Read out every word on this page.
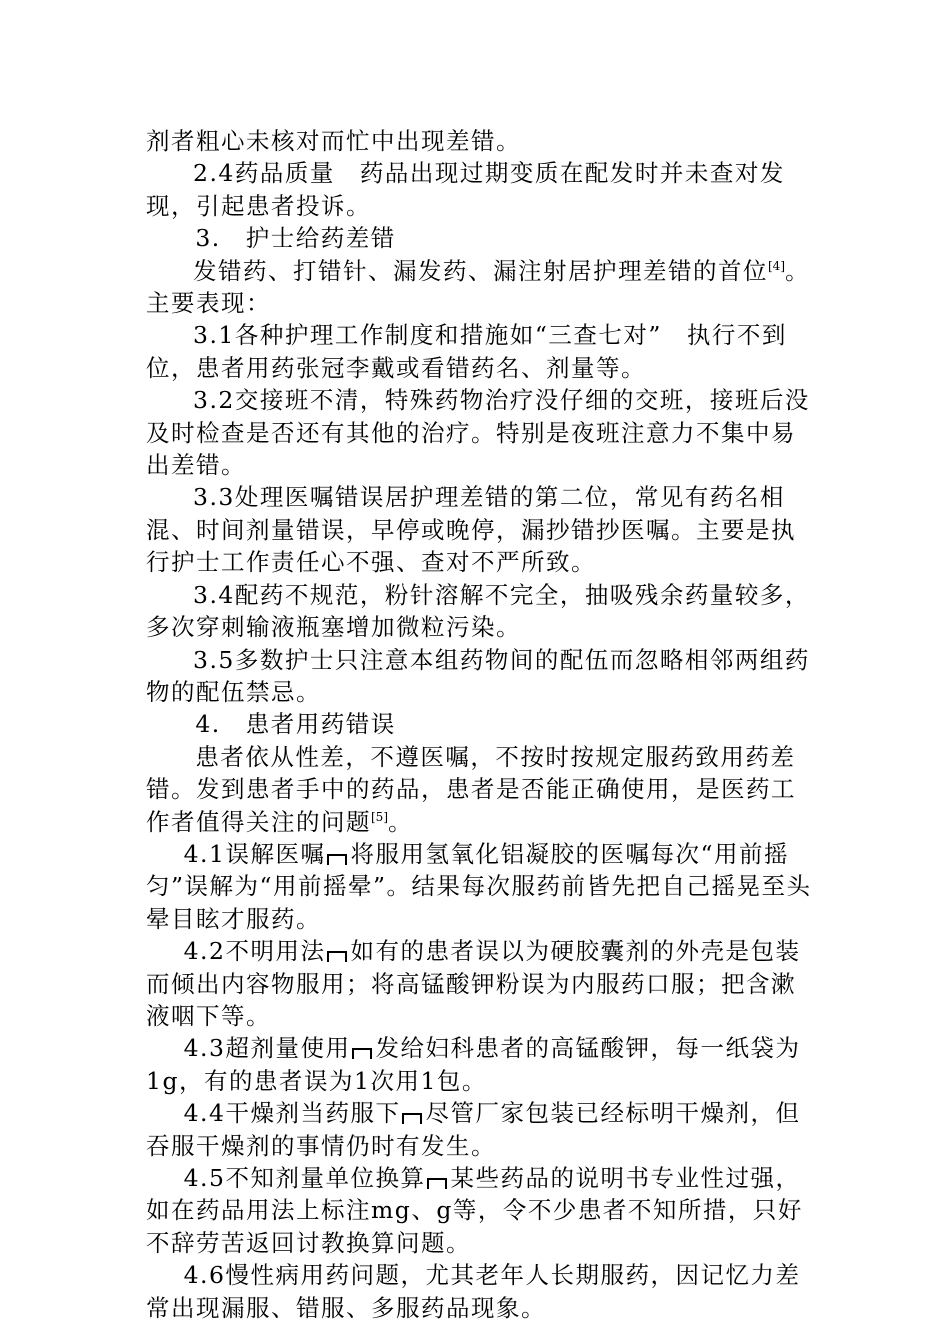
剂者粗心未核对而忙中出现差错。

2.4药品质量　药品出现过期变质在配发时并未查对发现，引起患者投诉。

3.　护士给药差错

发错药、打错针、漏发药、漏注射居护理差错的首位[4]。主要表现：

3.1各种护理工作制度和措施如“三查七对”　执行不到位，患者用药张冠李戴或看错药名、剂量等。

3.2交接班不清，特殊药物治疗没仔细的交班，接班后没及时检查是否还有其他的治疗。特别是夜班注意力不集中易出差错。

3.3处理医嘱错误居护理差错的第二位，常见有药名相混、时间剂量错误，早停或晚停，漏抄错抄医嘱。主要是执行护士工作责任心不强、查对不严所致。

3.4配药不规范，粉针溶解不完全，抽吸残余药量较多，多次穿刺输液瓶塞增加微粒污染。

3.5多数护士只注意本组药物间的配伍而忽略相邻两组药物的配伍禁忌。

4.　患者用药错误

患者依从性差，不遵医嘱，不按时按规定服药致用药差错。发到患者手中的药品，患者是否能正确使用，是医药工作者值得关注的问题[5]。

4.1误解医嘱 将服用氢氧化铝凝胶的医嘱每次“用前摇匀”误解为“用前摇晕”。结果每次服药前皆先把自己摇晃至头晕目眩才服药。

4.2不明用法 如有的患者误以为硬胶囊剂的外壳是包装而倾出内容物服用；将高锰酸钾粉误为内服药口服；把含漱液咽下等。

4.3超剂量使用 发给妇科患者的高锰酸钾，每一纸袋为1g，有的患者误为1次用1包。

4.4干燥剂当药服下 尽管厂家包装已经标明干燥剂，但吞服干燥剂的事情仍时有发生。

4.5不知剂量单位换算 某些药品的说明书专业性过强，如在药品用法上标注mg、g等，令不少患者不知所措，只好不辞劳苦返回讨教换算问题。

4.6慢性病用药问题，尤其老年人长期服药，因记忆力差常出现漏服、错服、多服药品现象。
